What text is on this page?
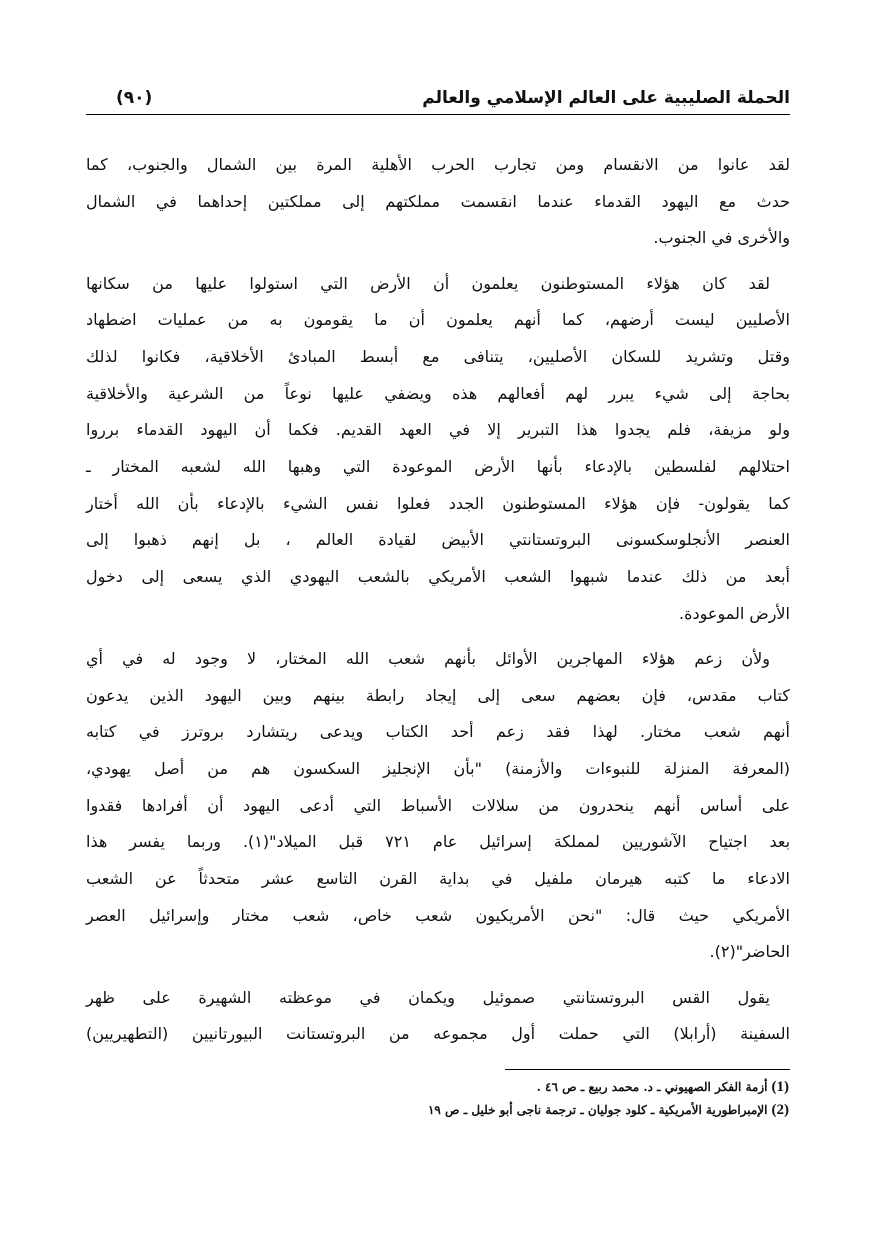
الحملة الصليبية على العالم الإسلامي والعالم
(٩٠)
لقد عانوا من الانقسام ومن تجارب الحرب الأهلية المرة بين الشمال والجنوب، كما
حدث مع اليهود القدماء عندما انقسمت مملكتهم إلى مملكتين إحداهما في الشمال
والأخرى في الجنوب.
لقد كان هؤلاء المستوطنون يعلمون أن الأرض التي استولوا عليها من سكانها
الأصليين ليست أرضهم، كما أنهم يعلمون أن ما يقومون به من عمليات اضطهاد
وقتل وتشريد للسكان الأصليين، يتنافى مع أبسط المبادئ الأخلاقية، فكانوا لذلك
بحاجة إلى شيء يبرر لهم أفعالهم هذه ويضفي عليها نوعاً من الشرعية والأخلاقية
ولو مزيفة، فلم يجدوا هذا التبرير إلا في العهد القديم. فكما أن اليهود القدماء برروا
احتلالهم لفلسطين بالإدعاء بأنها الأرض الموعودة التي وهبها الله لشعبه المختار ـ
كما يقولون- فإن هؤلاء المستوطنون الجدد فعلوا نفس الشيء بالإدعاء بأن الله أختار
العنصر الأنجلوسكسونى البروتستانتي الأبيض لقيادة العالم ، بل إنهم ذهبوا إلى
أبعد من ذلك عندما شبهوا الشعب الأمريكي بالشعب اليهودي الذي يسعى إلى دخول
الأرض الموعودة.
ولأن زعم هؤلاء المهاجرين الأوائل بأنهم شعب الله المختار، لا وجود له في أي
كتاب مقدس، فإن بعضهم سعى إلى إيجاد رابطة بينهم وبين اليهود الذين يدعون
أنهم شعب مختار. لهذا فقد زعم أحد الكتاب ويدعى ريتشارد بروترز في كتابه
(المعرفة المنزلة للنبوءات والأزمنة) "بأن الإنجليز السكسون هم من أصل يهودي،
على أساس أنهم ينحدرون من سلالات الأسباط التي أدعى اليهود أن أفرادها فقدوا
بعد اجتياح الآشوريين لمملكة إسرائيل عام ٧٢١ قبل الميلاد"(١). وربما يفسر هذا
الادعاء ما كتبه هيرمان ملفيل في بداية القرن التاسع عشر متحدثاً عن الشعب
الأمريكي حيث قال: "نحن الأمريكيون شعب خاص، شعب مختار وإسرائيل العصر
الحاضر"(٢).
يقول القس البروتستانتي صموئيل ويكمان في موعظته الشهيرة على ظهر
السفينة (أرابلا) التي حملت أول مجموعه من البروتستانت البيورتانيين (التطهيريين)
(1)أزمة الفكر الصهيوني ـ د. محمد ربيع ـ ص ٤٦ .
(2)الإمبراطورية الأمريكية ـ كلود جوليان ـ ترجمة ناجى أبو خليل ـ ص ١٩
